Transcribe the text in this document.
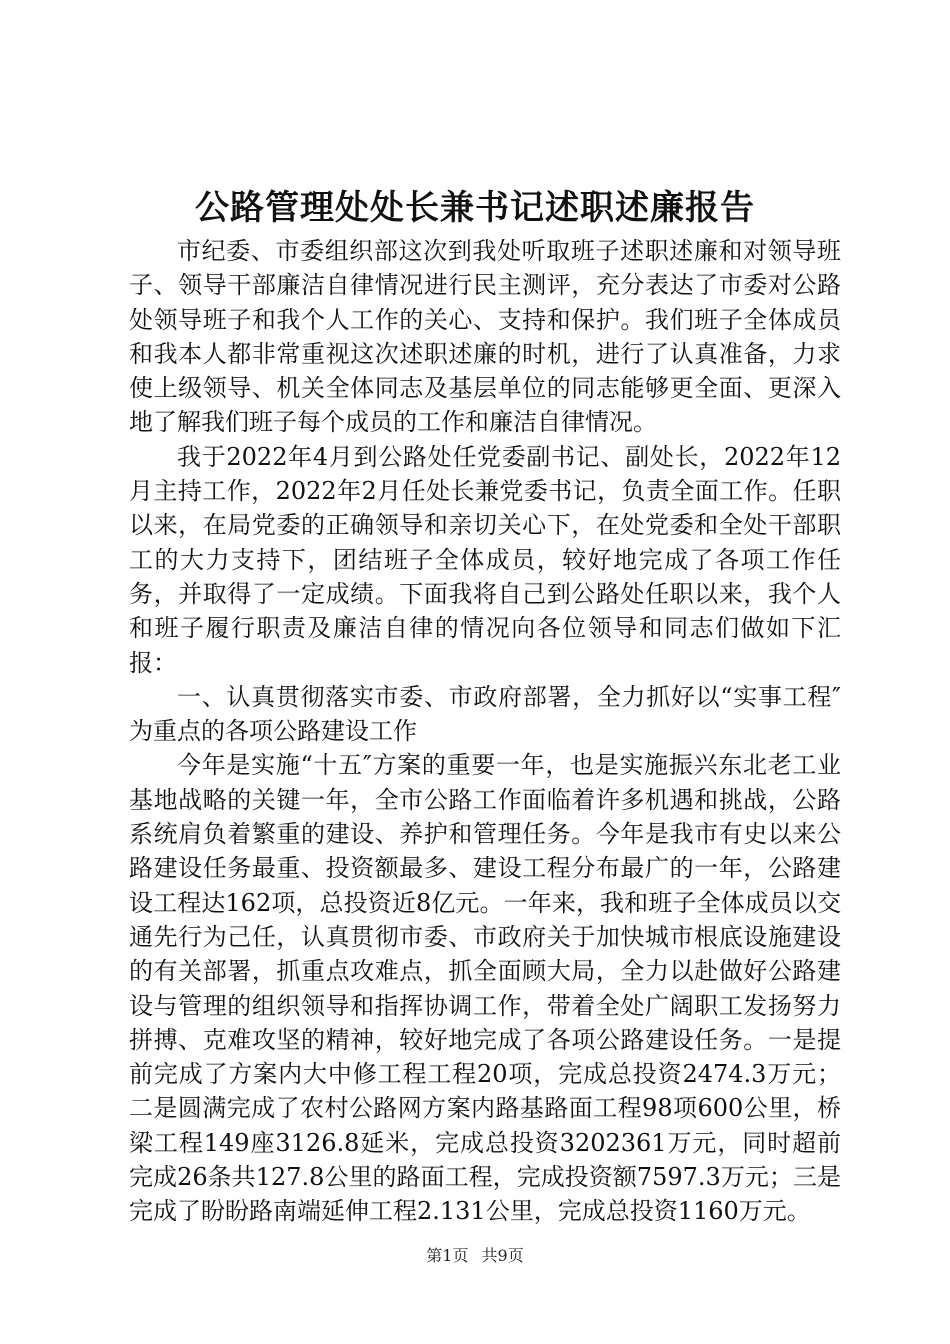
公路管理处处长兼书记述职述廉报告

市纪委、市委组织部这次到我处听取班子述职述廉和对领导班子、领导干部廉洁自律情况进行民主测评，充分表达了市委对公路处领导班子和我个人工作的关心、支持和保护。我们班子全体成员和我本人都非常重视这次述职述廉的时机，进行了认真准备，力求使上级领导、机关全体同志及基层单位的同志能够更全面、更深入地了解我们班子每个成员的工作和廉洁自律情况。

我于2022年4月到公路处任党委副书记、副处长，2022年12月主持工作，2022年2月任处长兼党委书记，负责全面工作。任职以来，在局党委的正确领导和亲切关心下，在处党委和全处干部职工的大力支持下，团结班子全体成员，较好地完成了各项工作任务，并取得了一定成绩。下面我将自己到公路处任职以来，我个人和班子履行职责及廉洁自律的情况向各位领导和同志们做如下汇报：

一、认真贯彻落实市委、市政府部署，全力抓好以“实事工程″为重点的各项公路建设工作

今年是实施“十五″方案的重要一年，也是实施振兴东北老工业基地战略的关键一年，全市公路工作面临着许多机遇和挑战，公路系统肩负着繁重的建设、养护和管理任务。今年是我市有史以来公路建设任务最重、投资额最多、建设工程分布最广的一年，公路建设工程达162项，总投资近8亿元。一年来，我和班子全体成员以交通先行为己任，认真贯彻市委、市政府关于加快城市根底设施建设的有关部署，抓重点攻难点，抓全面顾大局，全力以赴做好公路建设与管理的组织领导和指挥协调工作，带着全处广阔职工发扬努力拼搏、克难攻坚的精神，较好地完成了各项公路建设任务。一是提前完成了方案内大中修工程工程20项，完成总投资2474.3万元；二是圆满完成了农村公路网方案内路基路面工程98项600公里，桥梁工程149座3126.8延米，完成总投资3202361万元，同时超前完成26条共127.8公里的路面工程，完成投资额7597.3万元；三是完成了盼盼路南端延伸工程2.131公里，完成总投资1160万元。

第1页 共9页
